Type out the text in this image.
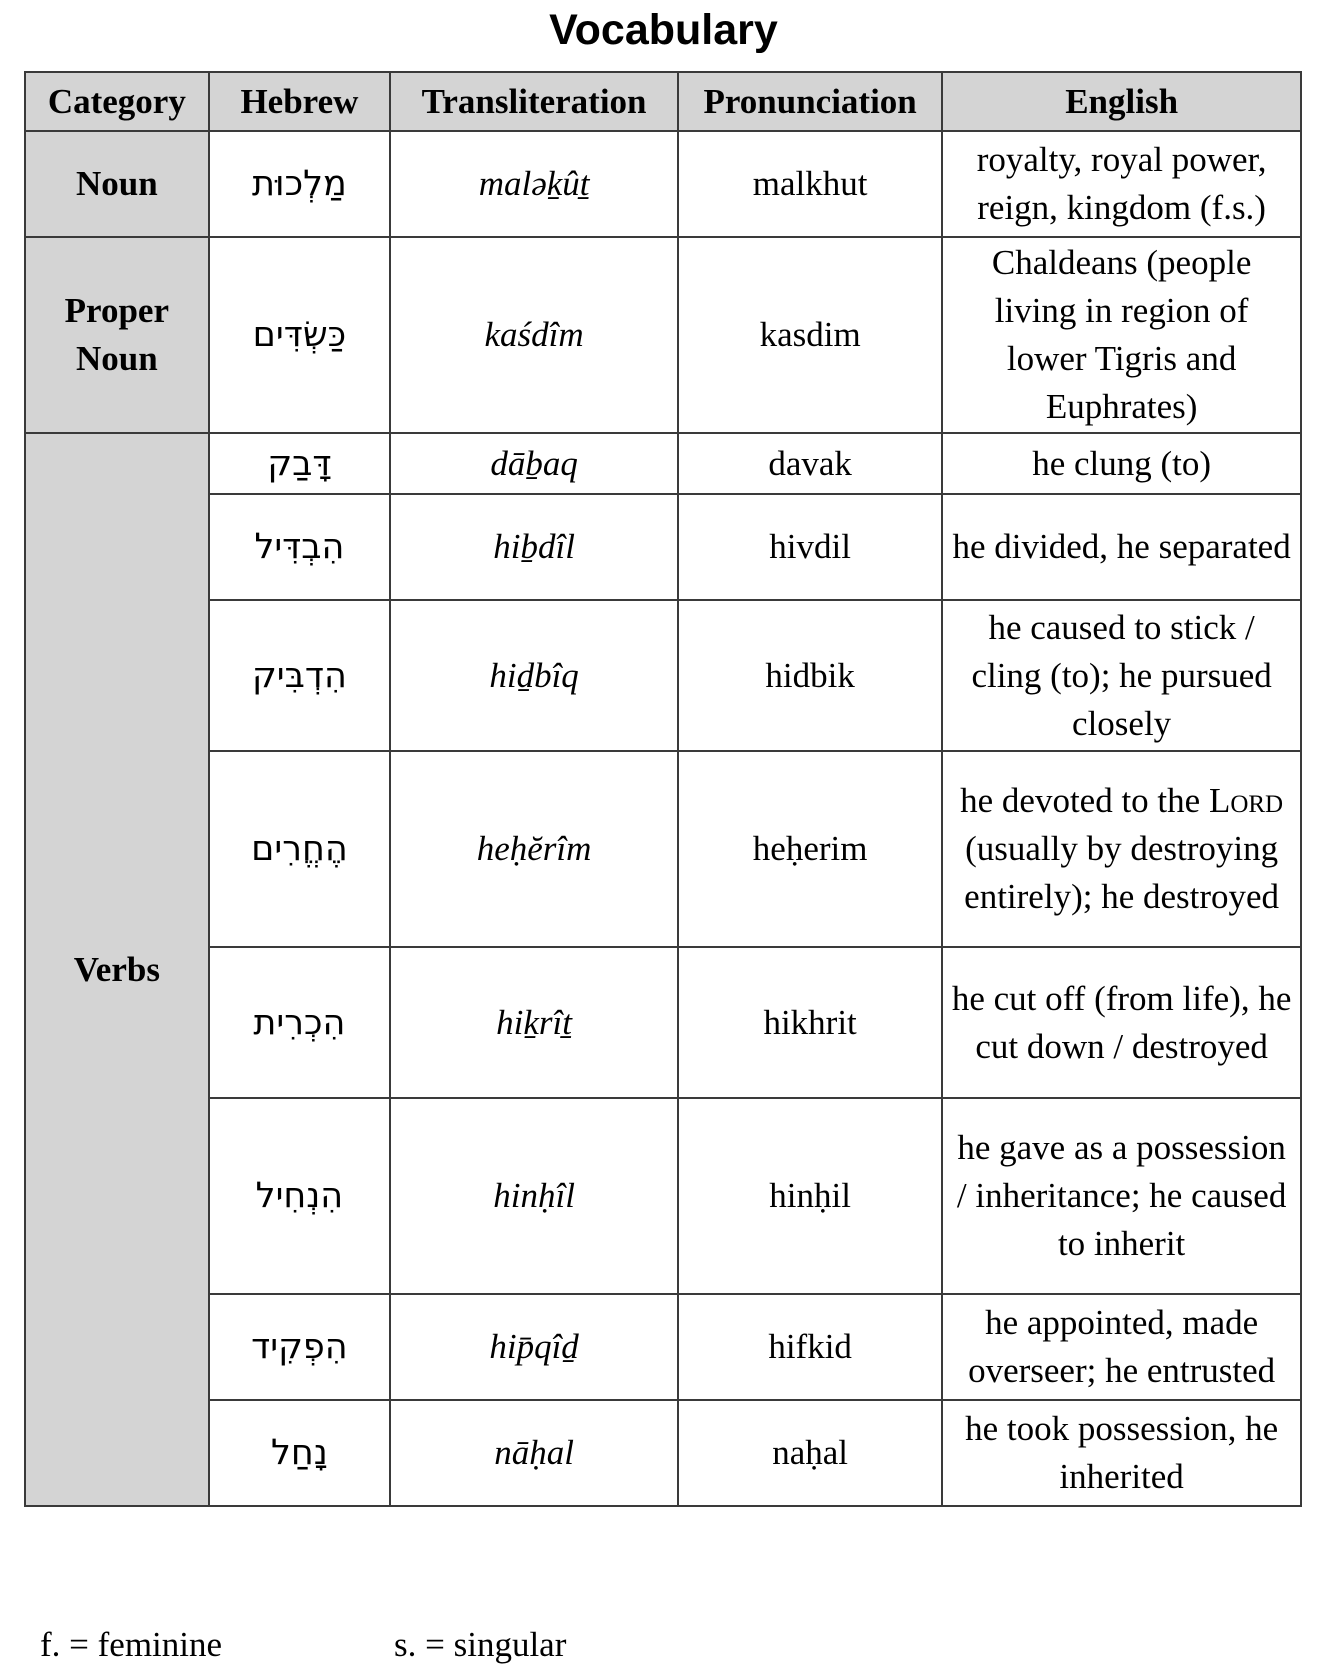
Vocabulary
Category	Hebrew	Transliteration	Pronunciation	English
Noun	מַלְכוּת	maləḵûṯ	malkhut	royalty, royal power, reign, kingdom (f.s.)
Proper
Noun	כַּשְׂדִּים	kaśdîm	kasdim	Chaldeans (people living in region of lower Tigris and Euphrates)
Verbs	דָּבַק	dāḇaq	davak	he clung (to)
	הִבְדִּיל	hiḇdîl	hivdil	he divided, he separated
	הִדְבִּיק	hiḏbîq	hidbik	he caused to stick / cling (to); he pursued closely
	הֶחֱרִים	heḥĕrîm	heḥerim	he devoted to the Lord (usually by destroying entirely); he destroyed
	הִכְרִית	hiḵrîṯ	hikhrit	he cut off (from life), he cut down / destroyed
	הִנְחִיל	hinḥîl	hinḥil	he gave as a possession / inheritance; he caused to inherit
	הִפְקִיד	hip̄qîḏ	hifkid	he appointed, made overseer; he entrusted
	נָחַל	nāḥal	naḥal	he took possession, he inherited
f. = feminine	s. = singular
